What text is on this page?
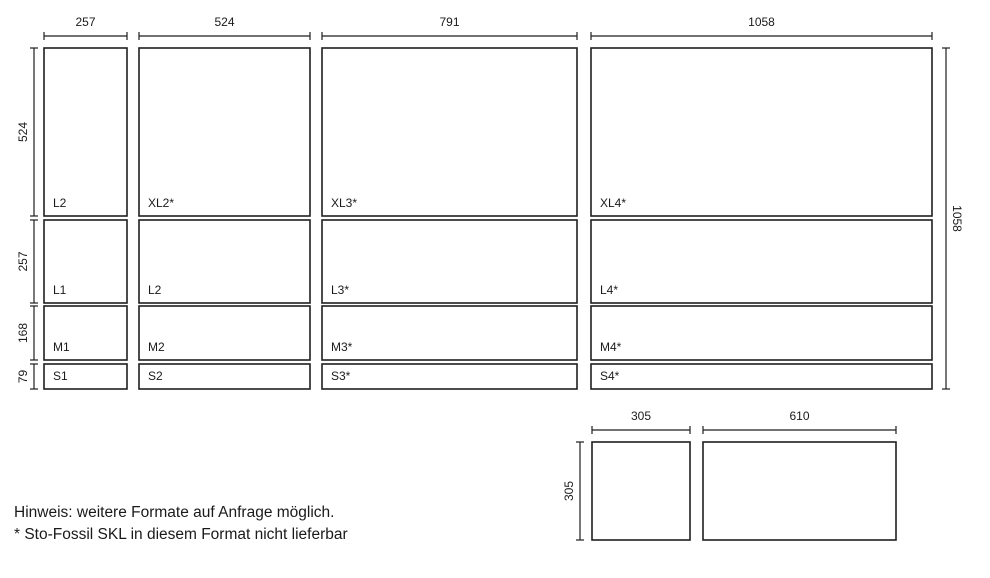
L2	XL2*	XL3*	XL4*
L1	L2	L3*	L4*
M1	M2	M3*	M4*
S1	S2	S3*	S4*
257	524	791	1058
524
257
168
79
1058
305	610
305
Hinweis: weitere Formate auf Anfrage möglich.
* Sto-Fossil SKL in diesem Format nicht lieferbar
